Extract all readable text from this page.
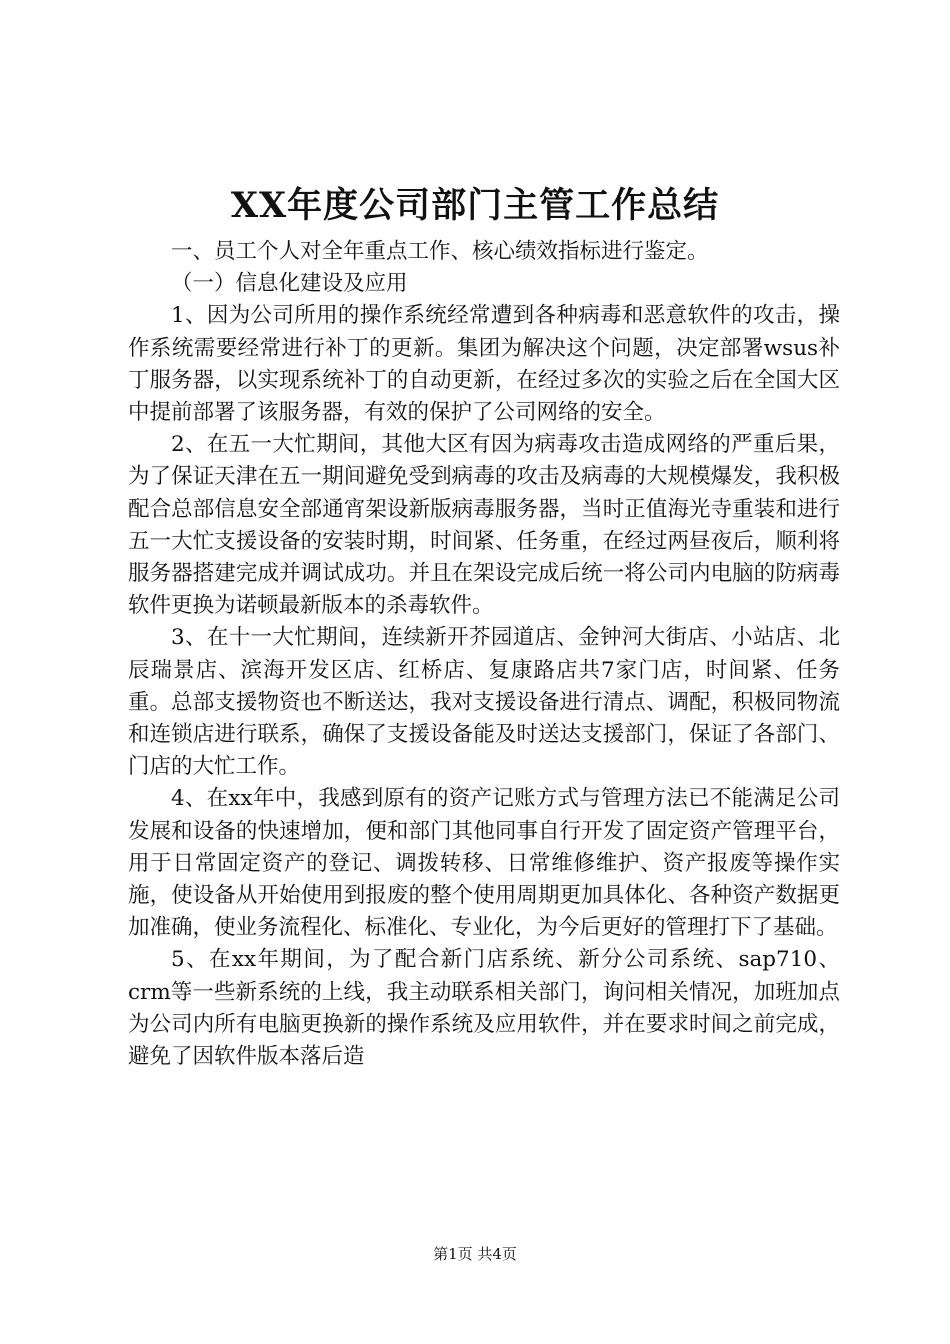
XX年度公司部门主管工作总结

一、员工个人对全年重点工作、核心绩效指标进行鉴定。

（一）信息化建设及应用

1、因为公司所用的操作系统经常遭到各种病毒和恶意软件的攻击，操作系统需要经常进行补丁的更新。集团为解决这个问题，决定部署wsus补丁服务器，以实现系统补丁的自动更新，在经过多次的实验之后在全国大区中提前部署了该服务器，有效的保护了公司网络的安全。

2、在五一大忙期间，其他大区有因为病毒攻击造成网络的严重后果，为了保证天津在五一期间避免受到病毒的攻击及病毒的大规模爆发，我积极配合总部信息安全部通宵架设新版病毒服务器，当时正值海光寺重装和进行五一大忙支援设备的安装时期，时间紧、任务重，在经过两昼夜后，顺利将服务器搭建完成并调试成功。并且在架设完成后统一将公司内电脑的防病毒软件更换为诺顿最新版本的杀毒软件。

3、在十一大忙期间，连续新开芥园道店、金钟河大街店、小站店、北辰瑞景店、滨海开发区店、红桥店、复康路店共7家门店，时间紧、任务重。总部支援物资也不断送达，我对支援设备进行清点、调配，积极同物流和连锁店进行联系，确保了支援设备能及时送达支援部门，保证了各部门、门店的大忙工作。

4、在xx年中，我感到原有的资产记账方式与管理方法已不能满足公司发展和设备的快速增加，便和部门其他同事自行开发了固定资产管理平台，用于日常固定资产的登记、调拨转移、日常维修维护、资产报废等操作实施，使设备从开始使用到报废的整个使用周期更加具体化、各种资产数据更加准确，使业务流程化、标准化、专业化，为今后更好的管理打下了基础。

5、在xx年期间，为了配合新门店系统、新分公司系统、sap710、crm等一些新系统的上线，我主动联系相关部门，询问相关情况，加班加点为公司内所有电脑更换新的操作系统及应用软件，并在要求时间之前完成，避免了因软件版本落后造

第1页 共4页
